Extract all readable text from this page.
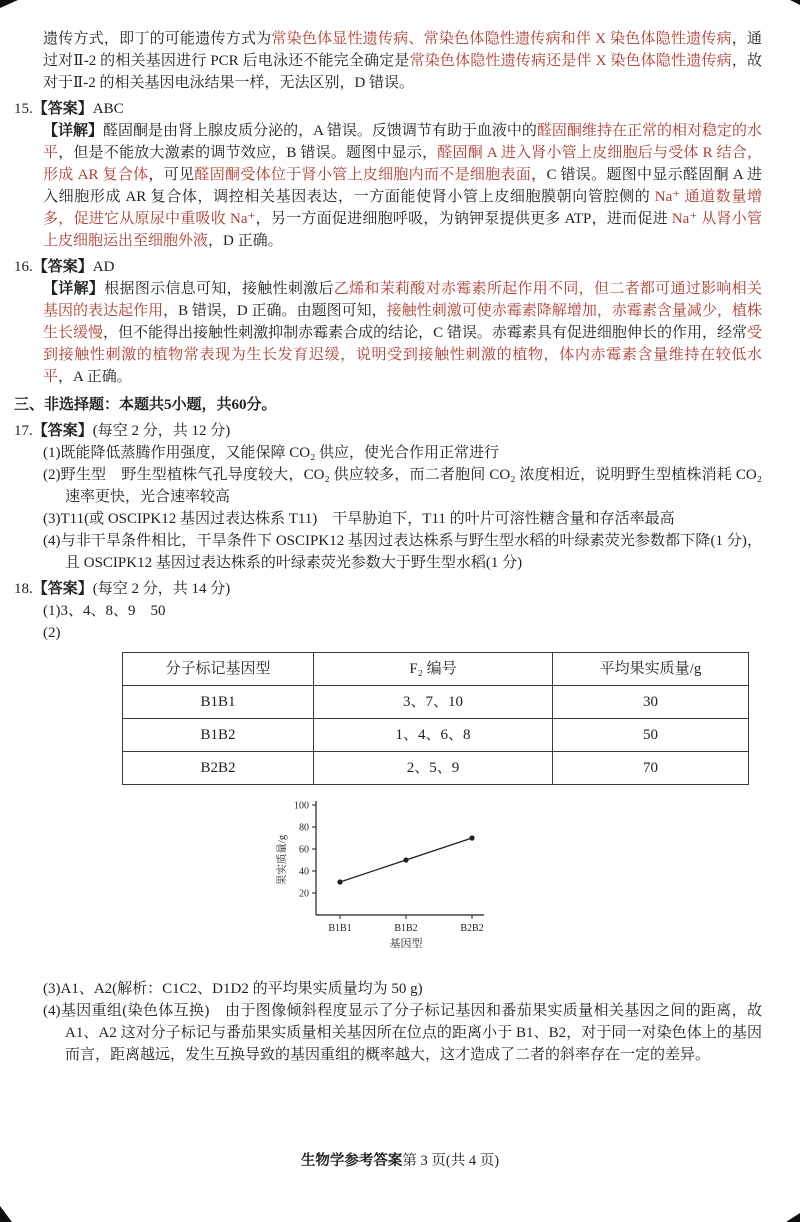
遗传方式，即丁的可能遗传方式为常染色体显性遗传病、常染色体隐性遗传病和伴 X 染色体隐性遗传病，通过对Ⅱ-2 的相关基因进行 PCR 后电泳还不能完全确定是常染色体隐性遗传病还是伴 X 染色体隐性遗传病，故对于Ⅱ-2 的相关基因电泳结果一样，无法区别，D 错误。
15.【答案】ABC
【详解】醛固酮是由肾上腺皮质分泌的，A 错误。反馈调节有助于血液中的醛固酮维持在正常的相对稳定的水平，但是不能放大激素的调节效应，B 错误。题图中显示，醛固酮 A 进入肾小管上皮细胞后与受体 R 结合，形成 AR 复合体，可见醛固酮受体位于肾小管上皮细胞内而不是细胞表面，C 错误。题图中显示醛固酮 A 进入细胞形成 AR 复合体，调控相关基因表达，一方面能使肾小管上皮细胞膜朝向管腔侧的 Na⁺ 通道数量增多，促进它从原尿中重吸收 Na⁺，另一方面促进细胞呼吸，为钠钾泵提供更多 ATP，进而促进 Na⁺ 从肾小管上皮细胞运出至细胞外液，D 正确。
16.【答案】AD
【详解】根据图示信息可知，接触性刺激后乙烯和茉莉酸对赤霉素所起作用不同，但二者都可通过影响相关基因的表达起作用，B 错误，D 正确。由题图可知，接触性刺激可使赤霉素降解增加，赤霉素含量减少，植株生长缓慢，但不能得出接触性刺激抑制赤霉素合成的结论，C 错误。赤霉素具有促进细胞伸长的作用，经常受到接触性刺激的植物常表现为生长发育迟缓，说明受到接触性刺激的植物，体内赤霉素含量维持在较低水平，A 正确。
三、非选择题：本题共5小题，共60分。
17.【答案】(每空 2 分，共 12 分)
(1)既能降低蒸腾作用强度，又能保障 CO₂ 供应，使光合作用正常进行
(2)野生型　野生型植株气孔导度较大，CO₂ 供应较多，而二者胞间 CO₂ 浓度相近，说明野生型植株消耗 CO₂ 速率更快，光合速率较高
(3)T11(或 OSCIPK12 基因过表达株系 T11)　干旱胁迫下，T11 的叶片可溶性糖含量和存活率最高
(4)与非干旱条件相比，干旱条件下 OSCIPK12 基因过表达株系与野生型水稻的叶绿素荧光参数都下降(1 分)，且 OSCIPK12 基因过表达株系的叶绿素荧光参数大于野生型水稻(1 分)
18.【答案】(每空 2 分，共 14 分)
(1)3、4、8、9　50
(2)
分子标记基因型	F₂ 编号	平均果实质量/g
B1B1	3、7、10	30
B1B2	1、4、6、8	50
B2B2	2、5、9	70
20
40
60
80
100
B1B1	B1B2	B2B2
果实质量/g
基因型
(3)A1、A2(解析：C1C2、D1D2 的平均果实质量均为 50 g)
(4)基因重组(染色体互换)　由于图像倾斜程度显示了分子标记基因和番茄果实质量相关基因之间的距离，故 A1、A2 这对分子标记与番茄果实质量相关基因所在位点的距离小于 B1、B2，对于同一对染色体上的基因而言，距离越远，发生互换导致的基因重组的概率越大，这才造成了二者的斜率存在一定的差异。
生物学参考答案第 3 页(共 4 页)
